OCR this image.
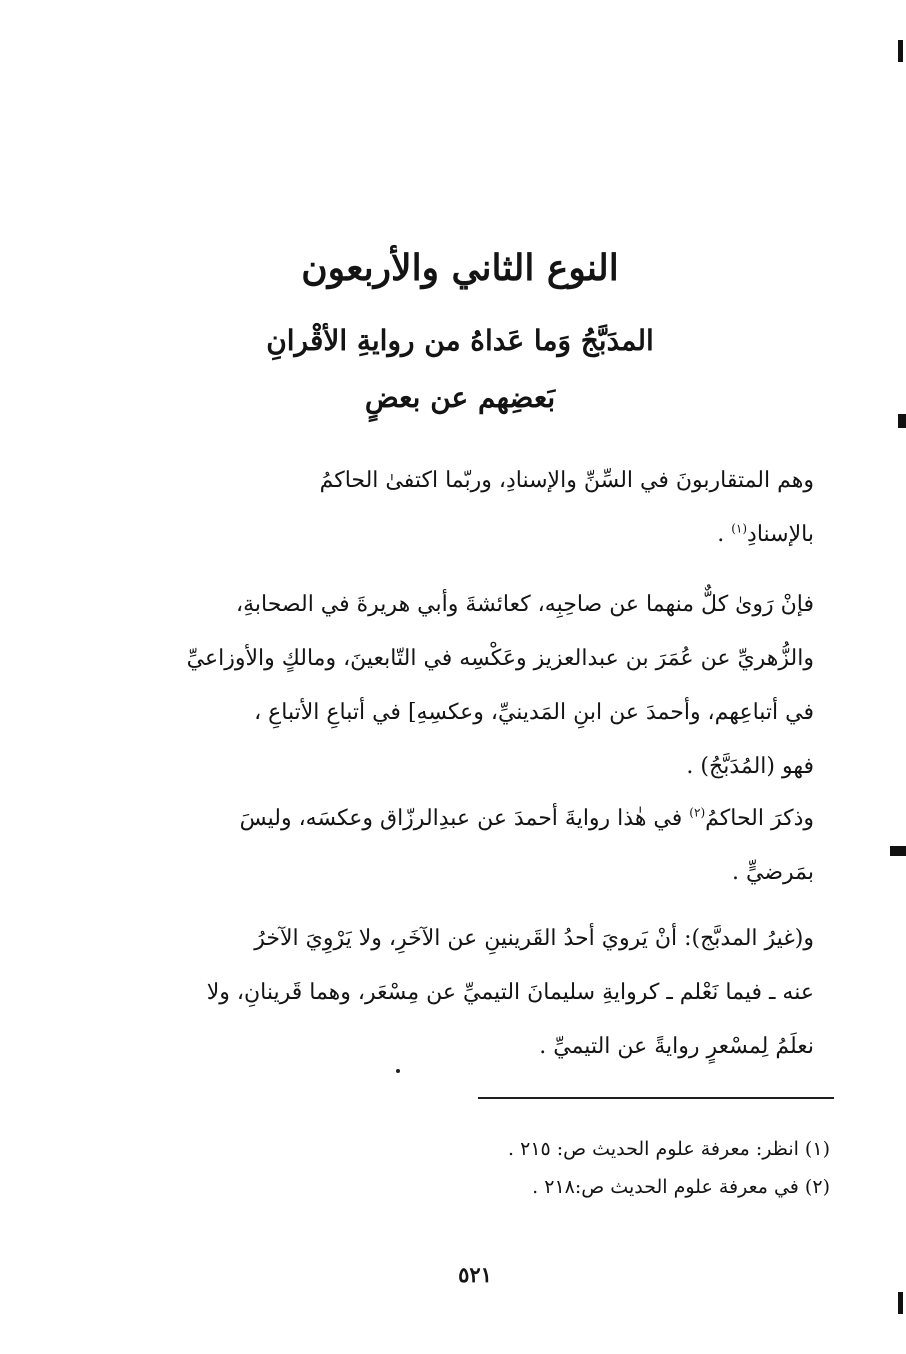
النوع الثاني والأربعون
المدَبَّجُ وَما عَداهُ من روايةِ الأقْرانِ
بَعضِهم عن بعضٍ
وهم المتقاربونَ في السِّنِّ والإسنادِ، وربّما اكتفىٰ الحاكمُ
بالإسنادِ$^{(١)}$ .
فإنْ رَوىٰ كلٌّ منهما عن صاحِبِه، كعائشةَ وأبي هريرةَ في الصحابةِ،
والزُّهريِّ عن عُمَرَ بن عبدالعزيز وعَكْسِه في التّابعينَ، ومالكٍ والأوزاعيِّ
في أتباعِهم، وأحمدَ عن ابنِ المَدينيِّ، وعكسِهِ] في أتباعِ الأتباعِ ،
فهو (المُدَبَّجُ) .
وذكرَ الحاكمُ$^{(٢)}$ في هٰذا روايةَ أحمدَ عن عبدِالرزّاق وعكسَه، وليسَ
بمَرضيٍّ .
و(غيرُ المدبَّج): أنْ يَرويَ أحدُ القَرينينِ عن الآخَرِ، ولا يَرْوِيَ الآخرُ
عنه ـ فيما نَعْلم ـ كروايةِ سليمانَ التيميِّ عن مِسْعَر، وهما قَرينانِ، ولا
نعلَمُ لِمسْعرٍ روايةً عن التيميِّ .
(١) انظر: معرفة علوم الحديث ص: ٢١٥ .
(٢) في معرفة علوم الحديث ص:٢١٨ .
٥٢١
